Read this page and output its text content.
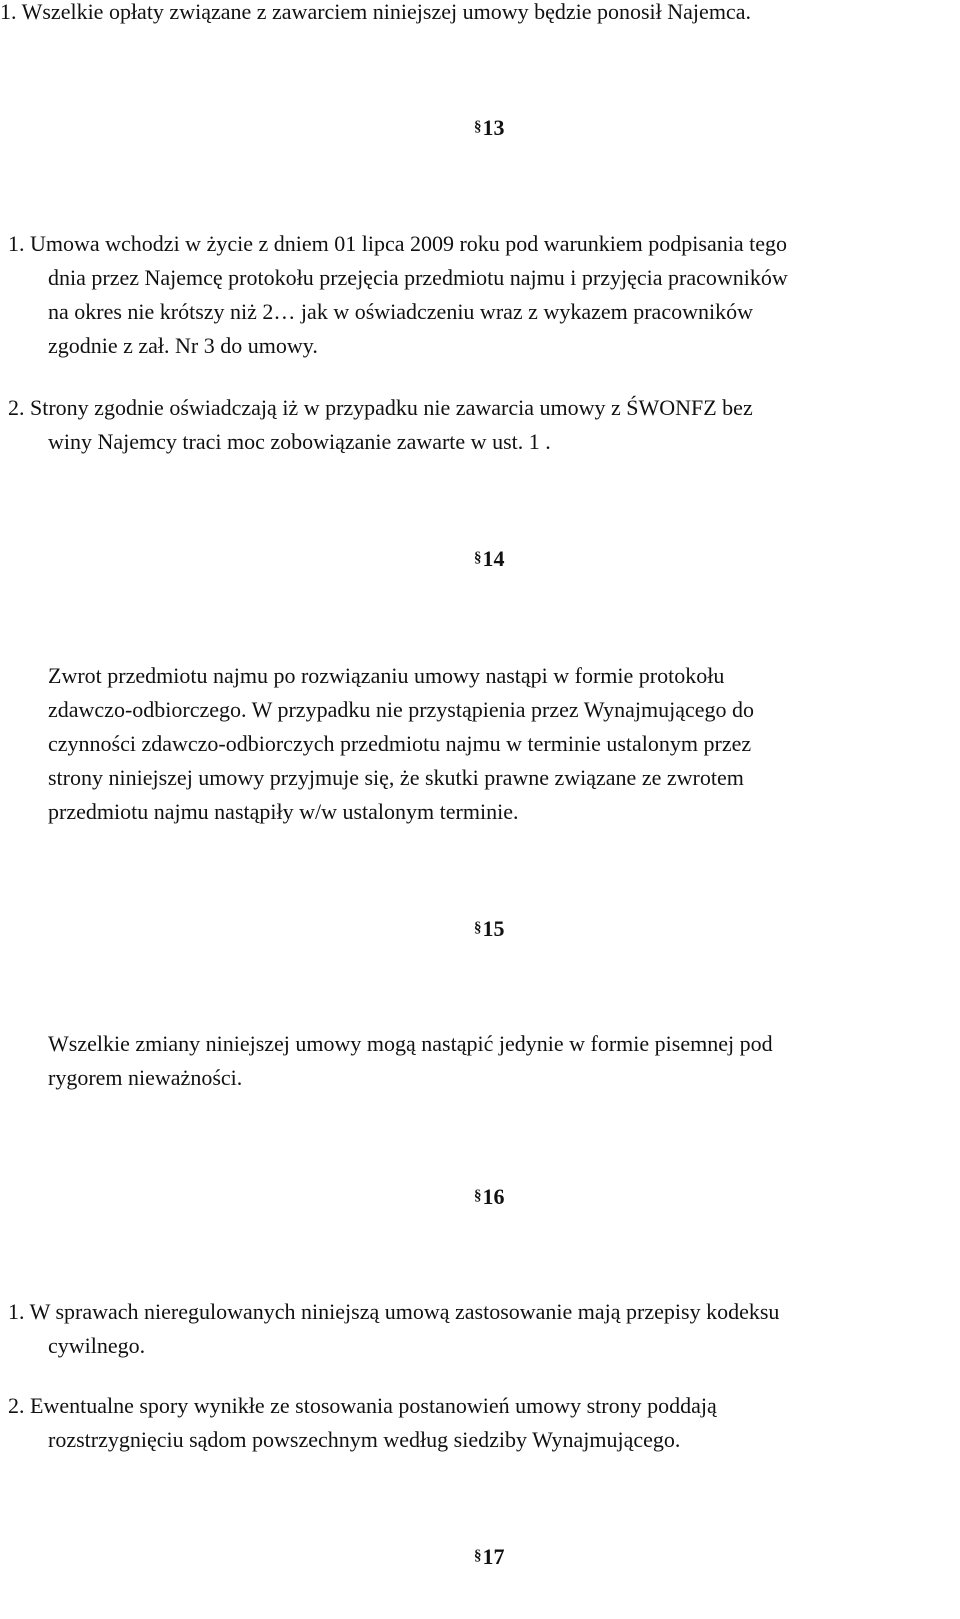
1. Wszelkie opłaty związane z zawarciem niniejszej umowy będzie ponosił Najemca.
§13
1. Umowa wchodzi w życie z dniem 01 lipca 2009 roku pod warunkiem podpisania tego
dnia przez Najemcę protokołu przejęcia przedmiotu najmu i przyjęcia pracowników
na okres nie krótszy niż 2… jak w oświadczeniu wraz z wykazem pracowników
zgodnie z zał. Nr 3 do umowy.
2. Strony zgodnie oświadczają iż w przypadku nie zawarcia umowy z ŚWONFZ bez
winy Najemcy traci moc zobowiązanie zawarte w ust. 1 .
§14
Zwrot przedmiotu najmu po rozwiązaniu umowy nastąpi w formie protokołu
zdawczo-odbiorczego. W przypadku nie przystąpienia przez Wynajmującego do
czynności zdawczo-odbiorczych przedmiotu najmu w terminie ustalonym przez
strony niniejszej umowy przyjmuje się, że skutki prawne związane ze zwrotem
przedmiotu najmu nastąpiły w/w ustalonym terminie.
§15
Wszelkie zmiany niniejszej umowy mogą nastąpić jedynie w formie pisemnej pod
rygorem nieważności.
§16
1. W sprawach nieregulowanych niniejszą umową zastosowanie mają przepisy kodeksu
cywilnego.
2. Ewentualne spory wynikłe ze stosowania postanowień umowy strony poddają
rozstrzygnięciu sądom powszechnym według siedziby Wynajmującego.
§17
